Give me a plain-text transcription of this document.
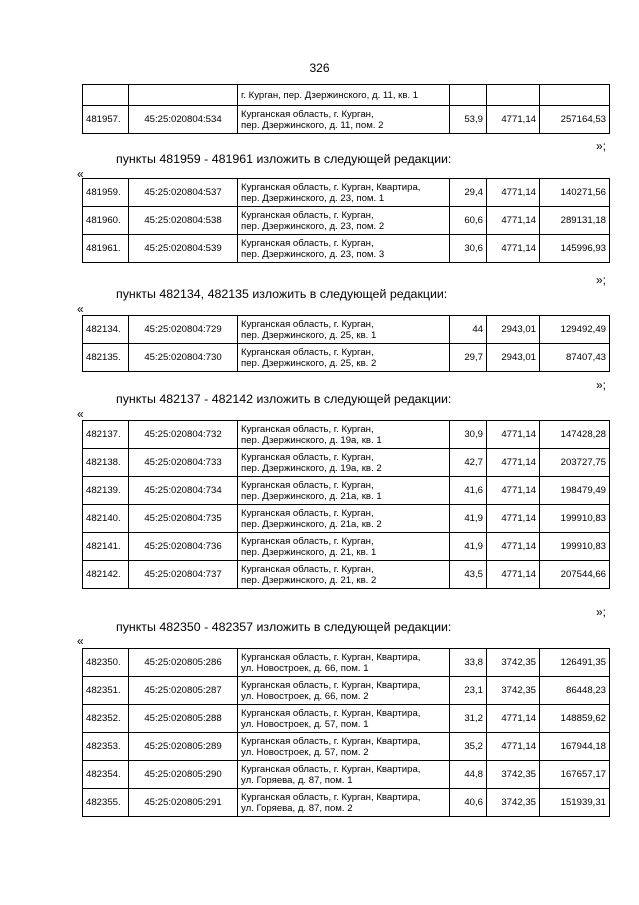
326

		г. Курган, пер. Дзержинского, д. 11, кв. 1			

481957.	45:25:020804:534	Курганская область, г. Курган,
пер. Дзержинского, д. 11, пом. 2	53,9	4771,14	257164,53
»;
пункты 481959 - 481961 изложить в следующей редакции:
«
481959.	45:25:020804:537	Курганская область, г. Курган, Квартира,
пер. Дзержинского, д. 23, пом. 1	29,4	4771,14	140271,56
481960.	45:25:020804:538	Курганская область, г. Курган,
пер. Дзержинского, д. 23, пом. 2	60,6	4771,14	289131,18
481961.	45:25:020804:539	Курганская область, г. Курган,
пер. Дзержинского, д. 23, пом. 3	30,6	4771,14	145996,93
»;
пункты 482134, 482135 изложить в следующей редакции:
«
482134.	45:25:020804:729	Курганская область, г. Курган,
пер. Дзержинского, д. 25, кв. 1	44	2943,01	129492,49
482135.	45:25:020804:730	Курганская область, г. Курган,
пер. Дзержинского, д. 25, кв. 2	29,7	2943,01	87407,43
»;
пункты 482137 - 482142 изложить в следующей редакции:
«
482137.	45:25:020804:732	Курганская область, г. Курган,
пер. Дзержинского, д. 19а, кв. 1	30,9	4771,14	147428,28
482138.	45:25:020804:733	Курганская область, г. Курган,
пер. Дзержинского, д. 19а, кв. 2	42,7	4771,14	203727,75
482139.	45:25:020804:734	Курганская область, г. Курган,
пер. Дзержинского, д. 21а, кв. 1	41,6	4771,14	198479,49
482140.	45:25:020804:735	Курганская область, г. Курган,
пер. Дзержинского, д. 21а, кв. 2	41,9	4771,14	199910,83
482141.	45:25:020804:736	Курганская область, г. Курган,
пер. Дзержинского, д. 21, кв. 1	41,9	4771,14	199910,83
482142.	45:25:020804:737	Курганская область, г. Курган,
пер. Дзержинского, д. 21, кв. 2	43,5	4771,14	207544,66
»;
пункты 482350 - 482357 изложить в следующей редакции:
«
482350.	45:25:020805:286	Курганская область, г. Курган, Квартира,
ул. Новостроек, д. 66, пом. 1	33,8	3742,35	126491,35
482351.	45:25:020805:287	Курганская область, г. Курган, Квартира,
ул. Новостроек, д. 66, пом. 2	23,1	3742,35	86448,23
482352.	45:25:020805:288	Курганская область, г. Курган, Квартира,
ул. Новостроек, д. 57, пом. 1	31,2	4771,14	148859,62
482353.	45:25:020805:289	Курганская область, г. Курган, Квартира,
ул. Новостроек, д. 57, пом. 2	35,2	4771,14	167944,18
482354.	45:25:020805:290	Курганская область, г. Курган, Квартира,
ул. Горяева, д. 87, пом. 1	44,8	3742,35	167657,17
482355.	45:25:020805:291	Курганская область, г. Курган, Квартира,
ул. Горяева, д. 87, пом. 2	40,6	3742,35	151939,31
